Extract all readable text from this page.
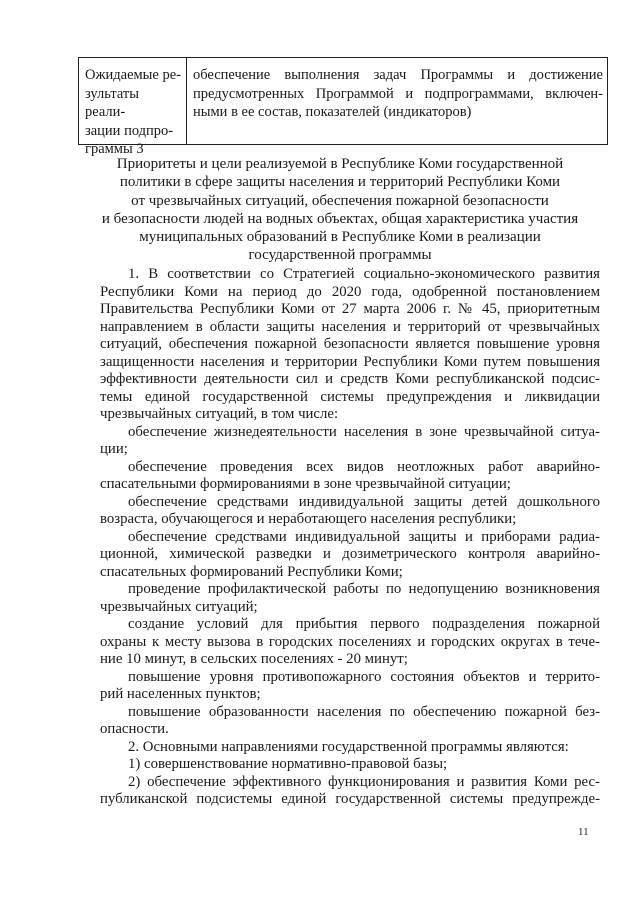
Ожидаемые ре-
зультаты реали-
зации подпро-
граммы 3
обеспечение выполнения задач Программы и достижение
предусмотренных Программой и подпрограммами, включен-
ными в ее состав, показателей (индикаторов)
Приоритеты и цели реализуемой в Республике Коми государственной
политики в сфере защиты населения и территорий Республики Коми
от чрезвычайных ситуаций, обеспечения пожарной безопасности
и безопасности людей на водных объектах, общая характеристика участия
муниципальных образований в Республике Коми в реализации
государственной программы
1. В соответствии со Стратегией социально-экономического развития
Республики Коми на период до 2020 года, одобренной постановлением
Правительства Республики Коми от 27 марта 2006 г. № 45, приоритетным
направлением в области защиты населения и территорий от чрезвычайных
ситуаций, обеспечения пожарной безопасности является повышение уровня
защищенности населения и территории Республики Коми путем повышения
эффективности деятельности сил и средств Коми республиканской подсис-
темы единой государственной системы предупреждения и ликвидации
чрезвычайных ситуаций, в том числе:
обеспечение жизнедеятельности населения в зоне чрезвычайной ситуа-
ции;
обеспечение проведения всех видов неотложных работ аварийно-
спасательными формированиями в зоне чрезвычайной ситуации;
обеспечение средствами индивидуальной защиты детей дошкольного
возраста, обучающегося и неработающего населения республики;
обеспечение средствами индивидуальной защиты и приборами радиа-
ционной, химической разведки и дозиметрического контроля аварийно-
спасательных формирований Республики Коми;
проведение профилактической работы по недопущению возникновения
чрезвычайных ситуаций;
создание условий для прибытия первого подразделения пожарной
охраны к месту вызова в городских поселениях и городских округах в тече-
ние 10 минут, в сельских поселениях - 20 минут;
повышение уровня противопожарного состояния объектов и террито-
рий населенных пунктов;
повышение образованности населения по обеспечению пожарной без-
опасности.
2. Основными направлениями государственной программы являются:
1) совершенствование нормативно-правовой базы;
2) обеспечение эффективного функционирования и развития Коми рес-
публиканской подсистемы единой государственной системы предупрежде-
11
